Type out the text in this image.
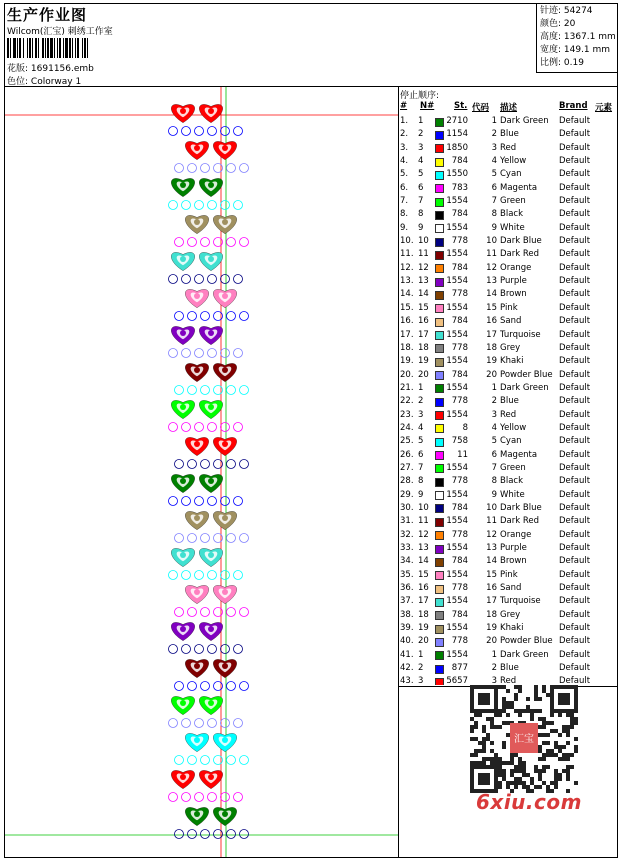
生产作业图
Wilcom(汇宝) 刺绣工作室
花版: 1691156.emb
色位: Colorway 1
针迹: 54274
颜色: 20
高度: 1367.1 mm
宽度: 149.1 mm
比例: 0.19
停止顺序:
# N# St. 代码 描述	Brand 元素
1. 1	2710	1 Dark Green Default
2. 2	1154	2 Blue	Default
3. 3	1850	3 Red	Default
4. 4	784	4 Yellow	Default
5. 5	1550	5 Cyan	Default
6. 6	783	6 Magenta	Default
7. 7	1554	7 Green	Default
8. 8	784	8 Black	Default
9. 9	1554	9 White	Default
10. 10	778	10 Dark Blue Default
11. 11 1554	11 Dark Red Default
12. 12	784	12 Orange	Default
13. 13 1554	13 Purple	Default
14. 14	778	14 Brown	Default
15. 15 1554	15 Pink	Default
16. 16	784	16 Sand	Default
17. 17 1554	17 Turquoise Default
18. 18	778	18 Grey	Default
19. 19 1554	19 Khaki	Default
20. 20	784	20 Powder Blue Default
21. 1	1554	1 Dark Green Default
22. 2	778	2 Blue	Default
23. 3	1554	3 Red	Default
24. 4	8	4 Yellow	Default
25. 5	758	5 Cyan	Default
26. 6	11	6 Magenta	Default
27. 7	1554	7 Green	Default
28. 8	778	8 Black	Default
29. 9	1554	9 White	Default
30. 10	784	10 Dark Blue Default
31. 11 1554	11 Dark Red Default
32. 12	778	12 Orange	Default
33. 13 1554	13 Purple	Default
34. 14	784	14 Brown	Default
35. 15 1554	15 Pink	Default
36. 16	778	16 Sand	Default
37. 17 1554	17 Turquoise Default
38. 18	784	18 Grey	Default
39. 19 1554	19 Khaki	Default
40. 20	778	20 Powder Blue Default
41. 1	1554	1 Dark Green Default
42. 2	877	2 Blue	Default
43. 3	5657	3 Red	Default
汇宝
6xiu.com
